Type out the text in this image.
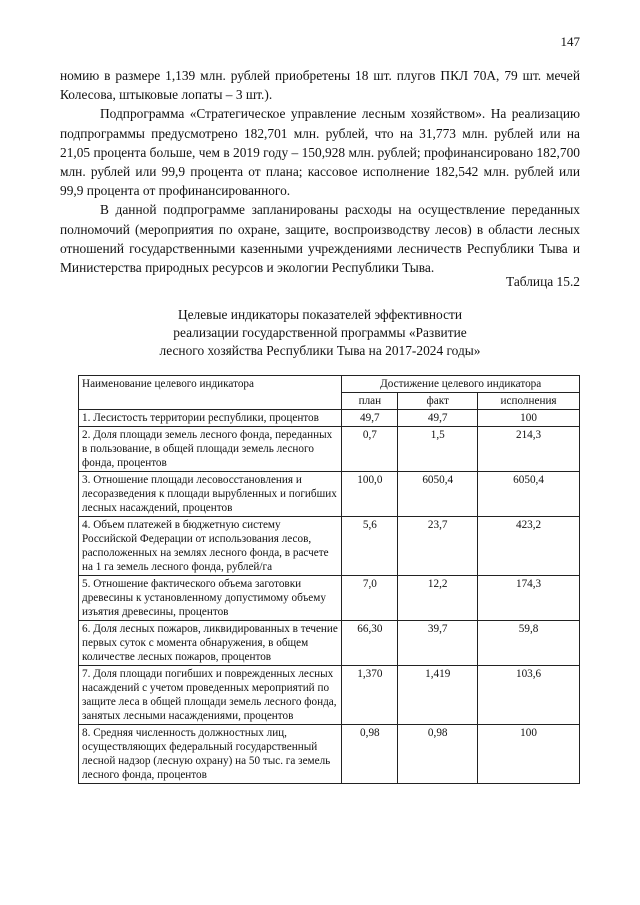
147

номию в размере 1,139 млн. рублей приобретены 18 шт. плугов ПКЛ 70А, 79 шт. мечей Колесова, штыковые лопаты – 3 шт.).

Подпрограмма «Стратегическое управление лесным хозяйством». На реализацию подпрограммы предусмотрено 182,701 млн. рублей, что на 31,773 млн. рублей или на 21,05 процента больше, чем в 2019 году – 150,928 млн. рублей; профинансировано 182,700 млн. рублей или 99,9 процента от плана; кассовое исполнение 182,542 млн. рублей или 99,9 процента от профинансированного.

В данной подпрограмме запланированы расходы на осуществление переданных полномочий (мероприятия по охране, защите, воспроизводству лесов) в области лесных отношений государственными казенными учреждениями лесничеств Республики Тыва и Министерства природных ресурсов и экологии Республики Тыва.

Таблица 15.2
Целевые индикаторы показателей эффективности
реализации государственной программы «Развитие
лесного хозяйства Республики Тыва на 2017-2024 годы»
Наименование целевого индикатора	Достижение целевого индикатора		
	план	факт	исполнения
1. Лесистость территории республики, процентов	49,7	49,7	100
2. Доля площади земель лесного фонда, переданных в пользование, в общей площади земель лесного фонда, процентов	0,7	1,5	214,3
3. Отношение площади лесовосстановления и лесоразведения к площади вырубленных и погибших лесных насаждений, процентов	100,0	6050,4	6050,4
4. Объем платежей в бюджетную систему Российской Федерации от использования лесов, расположенных на землях лесного фонда, в расчете на 1 га земель лесного фонда, рублей/га	5,6	23,7	423,2
5. Отношение фактического объема заготовки древесины к установленному допустимому объему изъятия древесины, процентов	7,0	12,2	174,3
6. Доля лесных пожаров, ликвидированных в течение первых суток с момента обнаружения, в общем количестве лесных пожаров, процентов	66,30	39,7	59,8
7. Доля площади погибших и поврежденных лесных насаждений с учетом проведенных мероприятий по защите леса в общей площади земель лесного фонда, занятых лесными насаждениями, процентов	1,370	1,419	103,6
8. Средняя численность должностных лиц, осуществляющих федеральный государственный лесной надзор (лесную охрану) на 50 тыс. га земель лесного фонда, процентов	0,98	0,98	100
